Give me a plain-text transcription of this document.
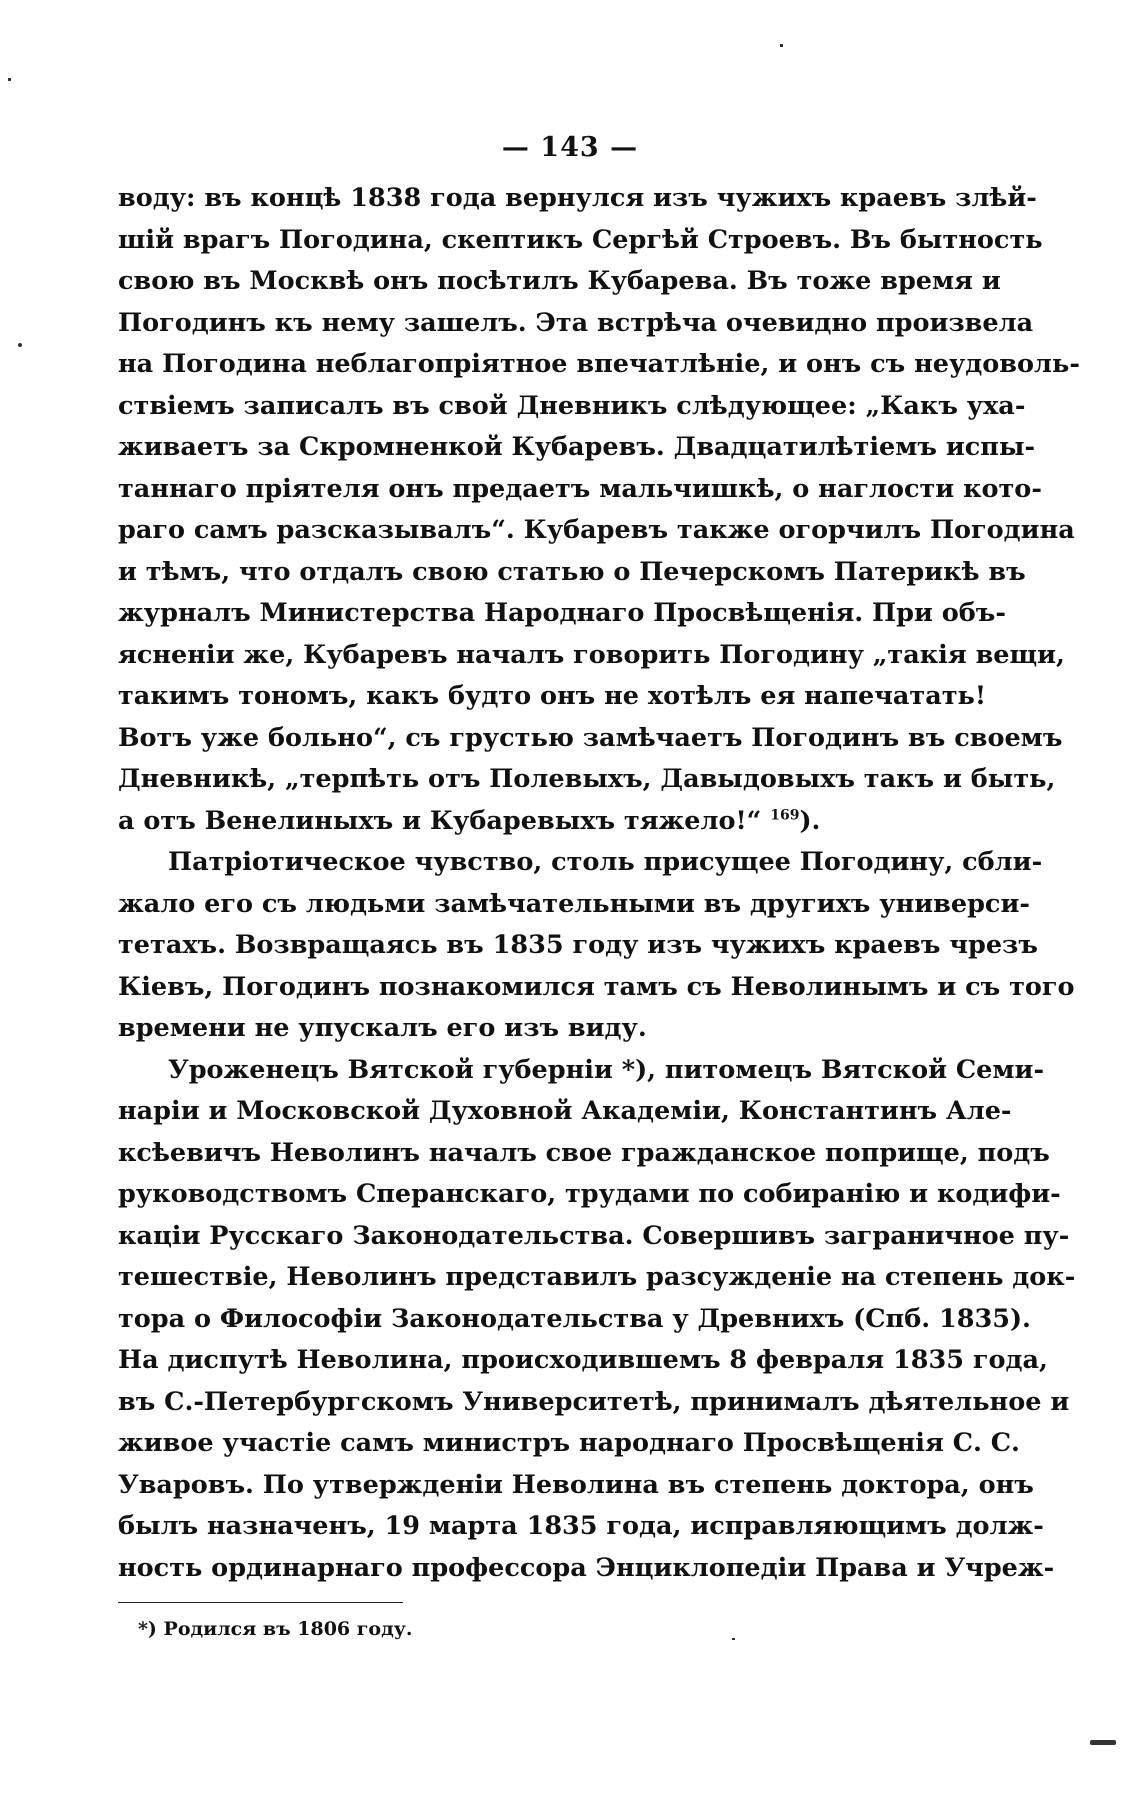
— 143 —
воду: въ концѣ 1838 года вернулся изъ чужихъ краевъ злѣй-
шій врагъ Погодина, скептикъ Сергѣй Строевъ. Въ бытность
свою въ Москвѣ онъ посѣтилъ Кубарева. Въ тоже время и
Погодинъ къ нему зашелъ. Эта встрѣча очевидно произвела
на Погодина неблагопріятное впечатлѣніе, и онъ съ неудоволь-
ствіемъ записалъ въ свой Дневникъ слѣдующее: „Какъ уха-
живаетъ за Скромненкой Кубаревъ. Двадцатилѣтіемъ испы-
таннаго пріятеля онъ предаетъ мальчишкѣ, о наглости кото-
раго самъ разсказывалъ“. Кубаревъ также огорчилъ Погодина
и тѣмъ, что отдалъ свою статью о Печерскомъ Патерикѣ въ
журналъ Министерства Народнаго Просвѣщенія. При объ-
ясненіи же, Кубаревъ началъ говорить Погодину „такія вещи,
такимъ тономъ, какъ будто онъ не хотѣлъ ея напечатать!
Вотъ уже больно“, съ грустью замѣчаетъ Погодинъ въ своемъ
Дневникѣ, „терпѣть отъ Полевыхъ, Давыдовыхъ такъ и быть,
а отъ Венелиныхъ и Кубаревыхъ тяжело!“ $^{169}$).
Патріотическое чувство, столь присущее Погодину, сбли-
жало его съ людьми замѣчательными въ другихъ универси-
тетахъ. Возвращаясь въ 1835 году изъ чужихъ краевъ чрезъ
Кіевъ, Погодинъ познакомился тамъ съ Неволинымъ и съ того
времени не упускалъ его изъ виду.
Уроженецъ Вятской губерніи *), питомецъ Вятской Семи-
наріи и Московской Духовной Академіи, Константинъ Але-
ксѣевичъ Неволинъ началъ свое гражданское поприще, подъ
руководствомъ Сперанскаго, трудами по собиранію и кодифи-
каціи Русскаго Законодательства. Совершивъ заграничное пу-
тешествіе, Неволинъ представилъ разсужденіе на степень док-
тора о Философіи Законодательства у Древнихъ (Спб. 1835).
На диспутѣ Неволина, происходившемъ 8 февраля 1835 года,
въ С.-Петербургскомъ Университетѣ, принималъ дѣятельное и
живое участіе самъ министръ народнаго Просвѣщенія С. С.
Уваровъ. По утвержденіи Неволина въ степень доктора, онъ
былъ назначенъ, 19 марта 1835 года, исправляющимъ долж-
ность ординарнаго профессора Энциклопедіи Права и Учреж-
*) Родился въ 1806 году.
